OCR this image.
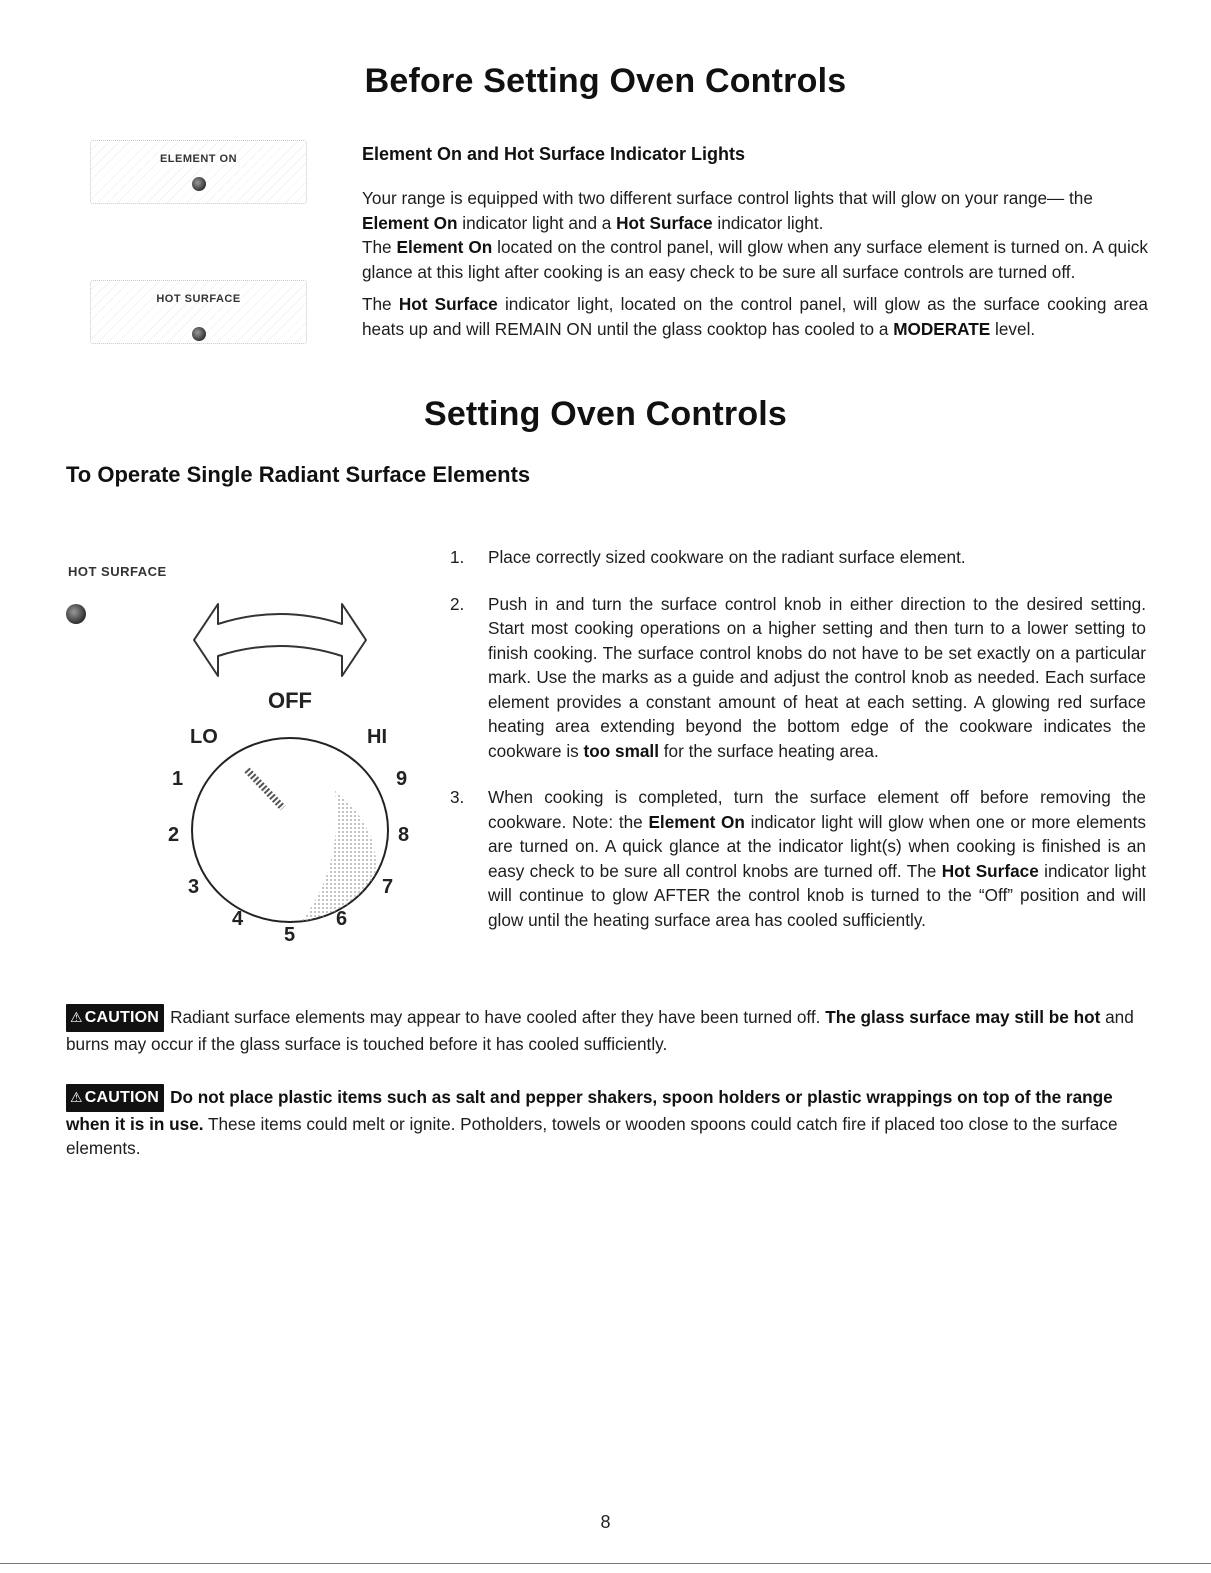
Before Setting Oven Controls
ELEMENT ON
HOT SURFACE
Element On and Hot Surface Indicator Lights
Your range is equipped with two different surface control lights that will glow on your range— the Element On indicator light and a Hot Surface indicator light.
The Element On located on the control panel, will glow when any surface element is turned on. A quick glance at this light after cooking is an easy check to be sure all surface controls are turned off.
The Hot Surface indicator light, located on the control panel, will glow as the surface cooking area heats up and will REMAIN ON until the glass cooktop has cooled to a MODERATE level.
Setting Oven Controls
To Operate Single Radiant Surface Elements
HOT SURFACE
OFF
LO	HI
1
2
3
4
5
6
7
8
9
1. Place correctly sized cookware on the radiant surface element.
2. Push in and turn the surface control knob in either direction to the desired setting. Start most cooking operations on a higher setting and then turn to a lower setting to finish cooking. The surface control knobs do not have to be set exactly on a particular mark. Use the marks as a guide and adjust the control knob as needed. Each surface element provides a constant amount of heat at each setting. A glowing red surface heating area extending beyond the bottom edge of the cookware indicates the cookware is too small for the surface heating area.
3. When cooking is completed, turn the surface element off before removing the cookware. Note: the Element On indicator light will glow when one or more elements are turned on. A quick glance at the indicator light(s) when cooking is finished is an easy check to be sure all control knobs are turned off. The Hot Surface indicator light will continue to glow AFTER the control knob is turned to the “Off” position and will glow until the heating surface area has cooled sufficiently.
⚠ CAUTION Radiant surface elements may appear to have cooled after they have been turned off. The glass surface may still be hot and burns may occur if the glass surface is touched before it has cooled sufficiently.
⚠ CAUTION Do not place plastic items such as salt and pepper shakers, spoon holders or plastic wrappings on top of the range when it is in use. These items could melt or ignite. Potholders, towels or wooden spoons could catch fire if placed too close to the surface elements.
8
